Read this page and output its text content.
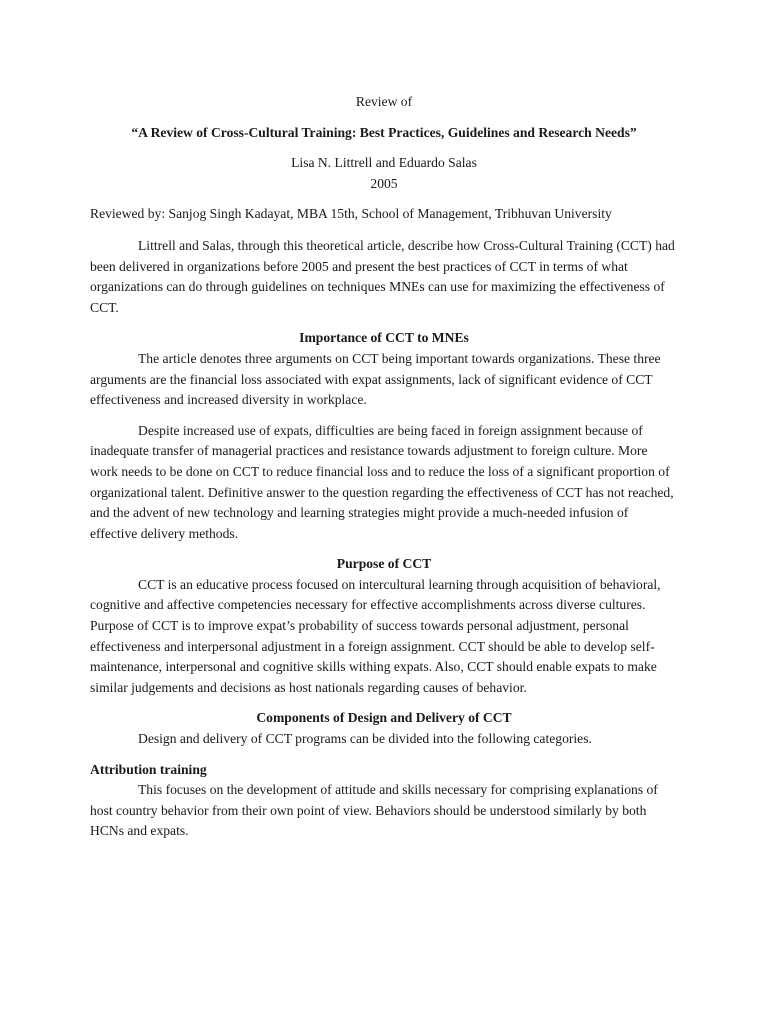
Review of

“A Review of Cross-Cultural Training: Best Practices, Guidelines and Research Needs”

Lisa N. Littrell and Eduardo Salas

2005

Reviewed by: Sanjog Singh Kadayat, MBA 15th, School of Management, Tribhuvan University

Littrell and Salas, through this theoretical article, describe how Cross-Cultural Training (CCT) had been delivered in organizations before 2005 and present the best practices of CCT in terms of what organizations can do through guidelines on techniques MNEs can use for maximizing the effectiveness of CCT.

Importance of CCT to MNEs

The article denotes three arguments on CCT being important towards organizations. These three arguments are the financial loss associated with expat assignments, lack of significant evidence of CCT effectiveness and increased diversity in workplace.

Despite increased use of expats, difficulties are being faced in foreign assignment because of inadequate transfer of managerial practices and resistance towards adjustment to foreign culture. More work needs to be done on CCT to reduce financial loss and to reduce the loss of a significant proportion of organizational talent. Definitive answer to the question regarding the effectiveness of CCT has not reached, and the advent of new technology and learning strategies might provide a much-needed infusion of effective delivery methods.

Purpose of CCT

CCT is an educative process focused on intercultural learning through acquisition of behavioral, cognitive and affective competencies necessary for effective accomplishments across diverse cultures. Purpose of CCT is to improve expat’s probability of success towards personal adjustment, personal effectiveness and interpersonal adjustment in a foreign assignment. CCT should be able to develop self-maintenance, interpersonal and cognitive skills withing expats. Also, CCT should enable expats to make similar judgements and decisions as host nationals regarding causes of behavior.

Components of Design and Delivery of CCT

Design and delivery of CCT programs can be divided into the following categories.

Attribution training

This focuses on the development of attitude and skills necessary for comprising explanations of host country behavior from their own point of view. Behaviors should be understood similarly by both HCNs and expats.
